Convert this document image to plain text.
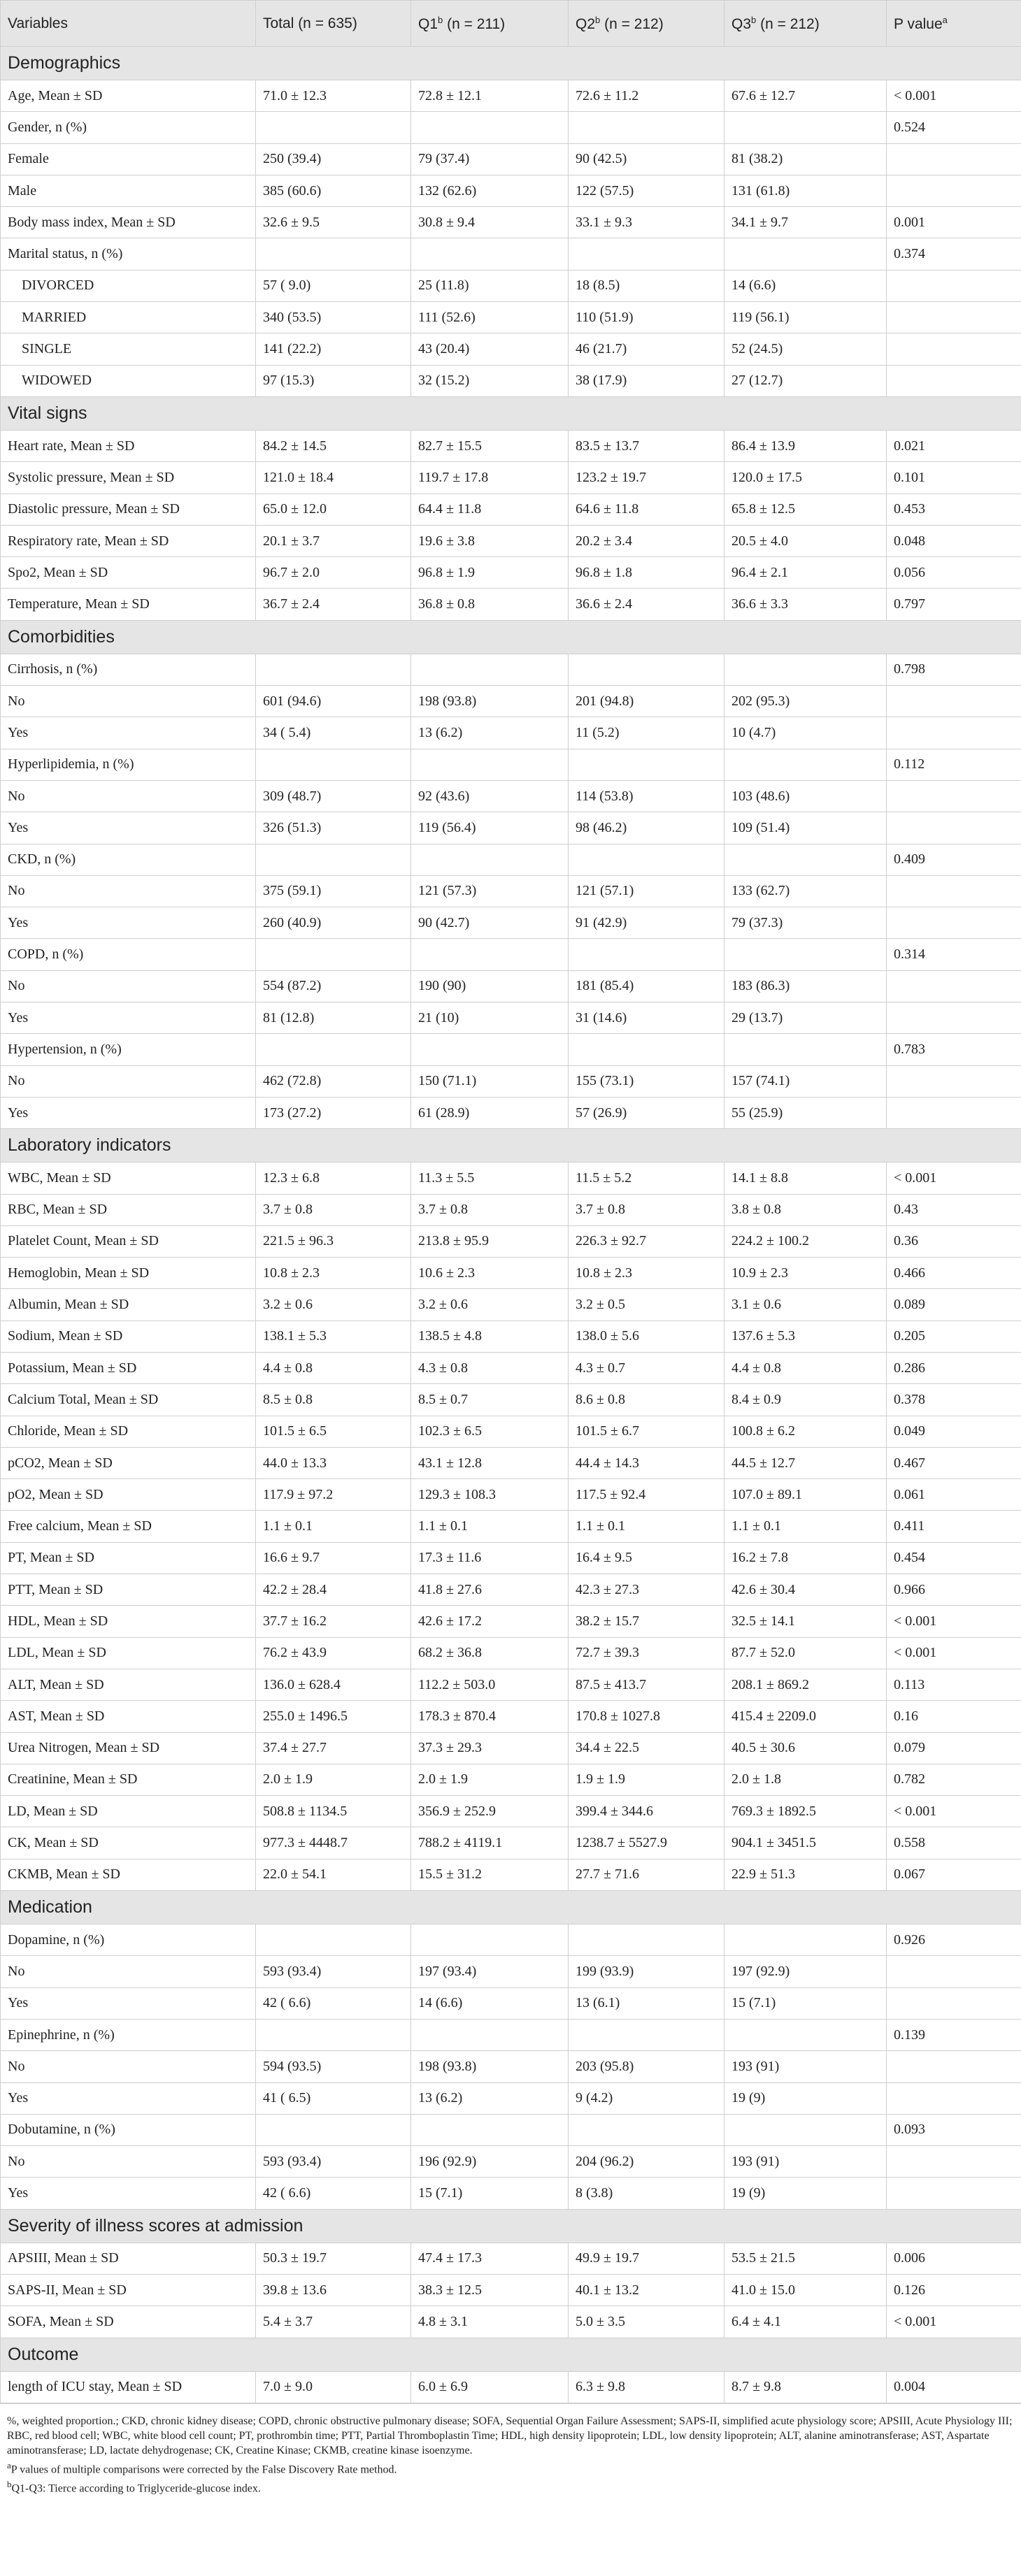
Variables	Total (n = 635)	Q1$^b$ (n = 211)	Q2$^b$ (n = 212)	Q3$^b$ (n = 212)	P value$^a$
Demographics					
Age, Mean ± SD	71.0 ± 12.3	72.8 ± 12.1	72.6 ± 11.2	67.6 ± 12.7	< 0.001
Gender, n (%)					0.524
Female	250 (39.4)	79 (37.4)	90 (42.5)	81 (38.2)	
Male	385 (60.6)	132 (62.6)	122 (57.5)	131 (61.8)	
Body mass index, Mean ± SD	32.6 ± 9.5	30.8 ± 9.4	33.1 ± 9.3	34.1 ± 9.7	0.001
Marital status, n (%)					0.374
DIVORCED	57 ( 9.0)	25 (11.8)	18 (8.5)	14 (6.6)	
MARRIED	340 (53.5)	111 (52.6)	110 (51.9)	119 (56.1)	
SINGLE	141 (22.2)	43 (20.4)	46 (21.7)	52 (24.5)	
WIDOWED	97 (15.3)	32 (15.2)	38 (17.9)	27 (12.7)	
Vital signs					
Heart rate, Mean ± SD	84.2 ± 14.5	82.7 ± 15.5	83.5 ± 13.7	86.4 ± 13.9	0.021
Systolic pressure, Mean ± SD	121.0 ± 18.4	119.7 ± 17.8	123.2 ± 19.7	120.0 ± 17.5	0.101
Diastolic pressure, Mean ± SD	65.0 ± 12.0	64.4 ± 11.8	64.6 ± 11.8	65.8 ± 12.5	0.453
Respiratory rate, Mean ± SD	20.1 ± 3.7	19.6 ± 3.8	20.2 ± 3.4	20.5 ± 4.0	0.048
Spo2, Mean ± SD	96.7 ± 2.0	96.8 ± 1.9	96.8 ± 1.8	96.4 ± 2.1	0.056
Temperature, Mean ± SD	36.7 ± 2.4	36.8 ± 0.8	36.6 ± 2.4	36.6 ± 3.3	0.797
Comorbidities					
Cirrhosis, n (%)					0.798
No	601 (94.6)	198 (93.8)	201 (94.8)	202 (95.3)	
Yes	34 ( 5.4)	13 (6.2)	11 (5.2)	10 (4.7)	
Hyperlipidemia, n (%)					0.112
No	309 (48.7)	92 (43.6)	114 (53.8)	103 (48.6)	
Yes	326 (51.3)	119 (56.4)	98 (46.2)	109 (51.4)	
CKD, n (%)					0.409
No	375 (59.1)	121 (57.3)	121 (57.1)	133 (62.7)	
Yes	260 (40.9)	90 (42.7)	91 (42.9)	79 (37.3)	
COPD, n (%)					0.314
No	554 (87.2)	190 (90)	181 (85.4)	183 (86.3)	
Yes	81 (12.8)	21 (10)	31 (14.6)	29 (13.7)	
Hypertension, n (%)					0.783
No	462 (72.8)	150 (71.1)	155 (73.1)	157 (74.1)	
Yes	173 (27.2)	61 (28.9)	57 (26.9)	55 (25.9)	
Laboratory indicators					
WBC, Mean ± SD	12.3 ± 6.8	11.3 ± 5.5	11.5 ± 5.2	14.1 ± 8.8	< 0.001
RBC, Mean ± SD	3.7 ± 0.8	3.7 ± 0.8	3.7 ± 0.8	3.8 ± 0.8	0.43
Platelet Count, Mean ± SD	221.5 ± 96.3	213.8 ± 95.9	226.3 ± 92.7	224.2 ± 100.2	0.36
Hemoglobin, Mean ± SD	10.8 ± 2.3	10.6 ± 2.3	10.8 ± 2.3	10.9 ± 2.3	0.466
Albumin, Mean ± SD	3.2 ± 0.6	3.2 ± 0.6	3.2 ± 0.5	3.1 ± 0.6	0.089
Sodium, Mean ± SD	138.1 ± 5.3	138.5 ± 4.8	138.0 ± 5.6	137.6 ± 5.3	0.205
Potassium, Mean ± SD	4.4 ± 0.8	4.3 ± 0.8	4.3 ± 0.7	4.4 ± 0.8	0.286
Calcium Total, Mean ± SD	8.5 ± 0.8	8.5 ± 0.7	8.6 ± 0.8	8.4 ± 0.9	0.378
Chloride, Mean ± SD	101.5 ± 6.5	102.3 ± 6.5	101.5 ± 6.7	100.8 ± 6.2	0.049
pCO2, Mean ± SD	44.0 ± 13.3	43.1 ± 12.8	44.4 ± 14.3	44.5 ± 12.7	0.467
pO2, Mean ± SD	117.9 ± 97.2	129.3 ± 108.3	117.5 ± 92.4	107.0 ± 89.1	0.061
Free calcium, Mean ± SD	1.1 ± 0.1	1.1 ± 0.1	1.1 ± 0.1	1.1 ± 0.1	0.411
PT, Mean ± SD	16.6 ± 9.7	17.3 ± 11.6	16.4 ± 9.5	16.2 ± 7.8	0.454
PTT, Mean ± SD	42.2 ± 28.4	41.8 ± 27.6	42.3 ± 27.3	42.6 ± 30.4	0.966
HDL, Mean ± SD	37.7 ± 16.2	42.6 ± 17.2	38.2 ± 15.7	32.5 ± 14.1	< 0.001
LDL, Mean ± SD	76.2 ± 43.9	68.2 ± 36.8	72.7 ± 39.3	87.7 ± 52.0	< 0.001
ALT, Mean ± SD	136.0 ± 628.4	112.2 ± 503.0	87.5 ± 413.7	208.1 ± 869.2	0.113
AST, Mean ± SD	255.0 ± 1496.5	178.3 ± 870.4	170.8 ± 1027.8	415.4 ± 2209.0	0.16
Urea Nitrogen, Mean ± SD	37.4 ± 27.7	37.3 ± 29.3	34.4 ± 22.5	40.5 ± 30.6	0.079
Creatinine, Mean ± SD	2.0 ± 1.9	2.0 ± 1.9	1.9 ± 1.9	2.0 ± 1.8	0.782
LD, Mean ± SD	508.8 ± 1134.5	356.9 ± 252.9	399.4 ± 344.6	769.3 ± 1892.5	< 0.001
CK, Mean ± SD	977.3 ± 4448.7	788.2 ± 4119.1	1238.7 ± 5527.9	904.1 ± 3451.5	0.558
CKMB, Mean ± SD	22.0 ± 54.1	15.5 ± 31.2	27.7 ± 71.6	22.9 ± 51.3	0.067
Medication					
Dopamine, n (%)					0.926
No	593 (93.4)	197 (93.4)	199 (93.9)	197 (92.9)	
Yes	42 ( 6.6)	14 (6.6)	13 (6.1)	15 (7.1)	
Epinephrine, n (%)					0.139
No	594 (93.5)	198 (93.8)	203 (95.8)	193 (91)	
Yes	41 ( 6.5)	13 (6.2)	9 (4.2)	19 (9)	
Dobutamine, n (%)					0.093
No	593 (93.4)	196 (92.9)	204 (96.2)	193 (91)	
Yes	42 ( 6.6)	15 (7.1)	8 (3.8)	19 (9)	
Severity of illness scores at admission					
APSIII, Mean ± SD	50.3 ± 19.7	47.4 ± 17.3	49.9 ± 19.7	53.5 ± 21.5	0.006
SAPS-II, Mean ± SD	39.8 ± 13.6	38.3 ± 12.5	40.1 ± 13.2	41.0 ± 15.0	0.126
SOFA, Mean ± SD	5.4 ± 3.7	4.8 ± 3.1	5.0 ± 3.5	6.4 ± 4.1	< 0.001
Outcome					
length of ICU stay, Mean ± SD	7.0 ± 9.0	6.0 ± 6.9	6.3 ± 9.8	8.7 ± 9.8	0.004
%, weighted proportion.; CKD, chronic kidney disease; COPD, chronic obstructive pulmonary disease; SOFA, Sequential Organ Failure Assessment; SAPS-II, simplified acute physiology score; APSIII, Acute Physiology III; RBC, red blood cell; WBC, white blood cell count; PT, prothrombin time; PTT, Partial Thromboplastin Time; HDL, high density lipoprotein; LDL, low density lipoprotein; ALT, alanine aminotransferase; AST, Aspartate aminotransferase; LD, lactate dehydrogenase; CK, Creatine Kinase; CKMB, creatine kinase isoenzyme.
$^a$P values of multiple comparisons were corrected by the False Discovery Rate method.
$^b$Q1-Q3: Tierce according to Triglyceride-glucose index.
